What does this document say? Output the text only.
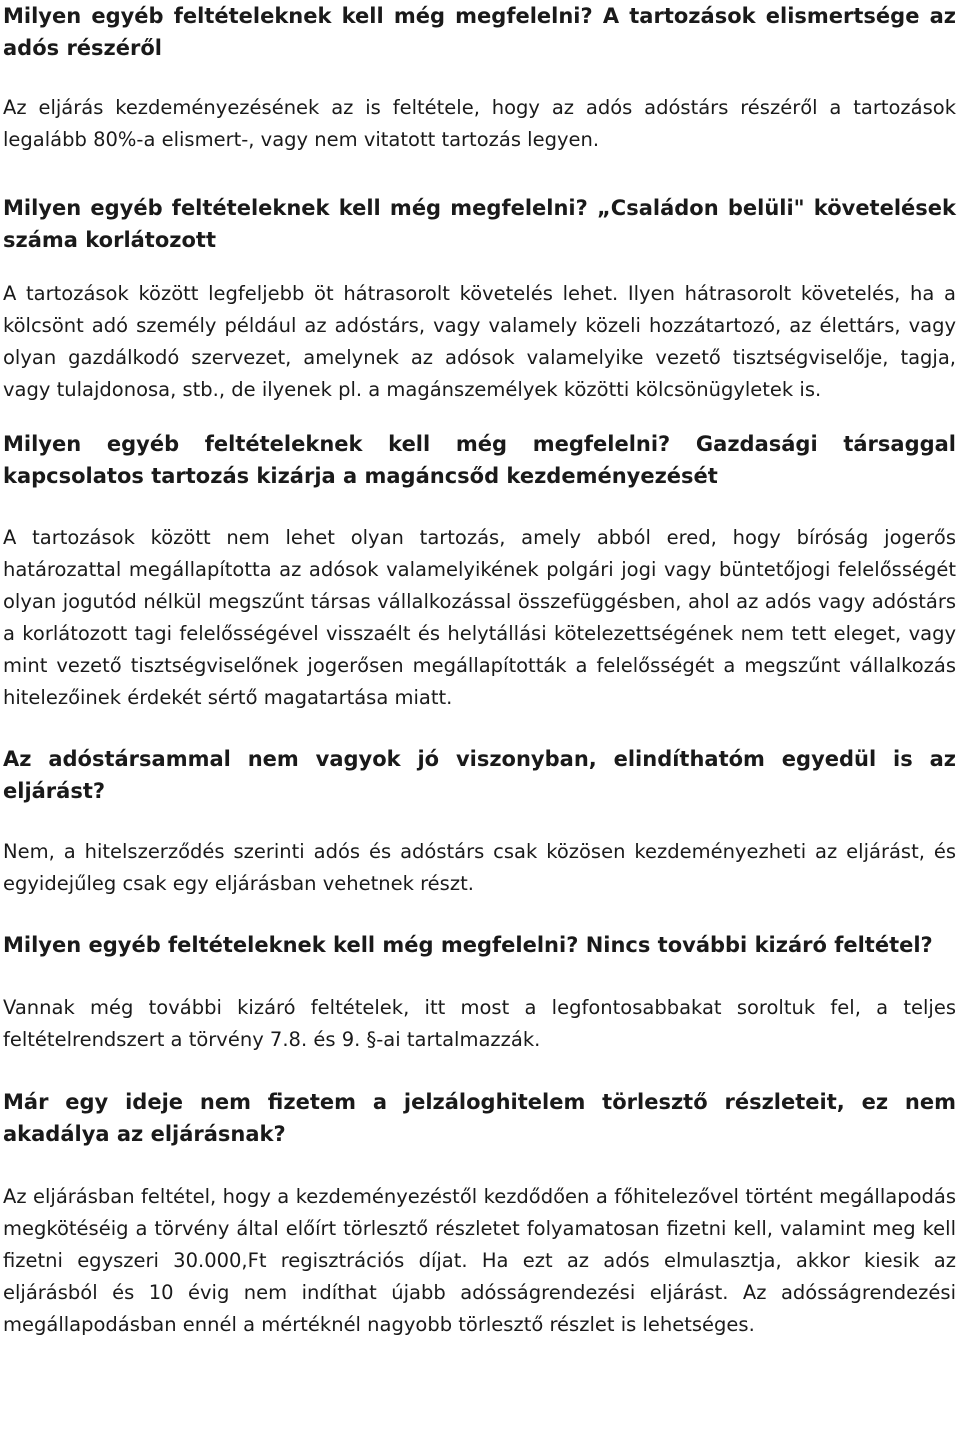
Milyen egyéb feltételeknek kell még megfelelni? A tartozások elismertsége az adós részéről

Az eljárás kezdeményezésének az is feltétele, hogy az adós adóstárs részéről a tartozások legalább 80%-a elismert-, vagy nem vitatott tartozás legyen.

Milyen egyéb feltételeknek kell még megfelelni? „Családon belüli" követelések száma korlátozott

A tartozások között legfeljebb öt hátrasorolt követelés lehet. Ilyen hátrasorolt követelés, ha a kölcsönt adó személy például az adóstárs, vagy valamely közeli hozzátartozó, az élettárs, vagy olyan gazdálkodó szervezet, amelynek az adósok valamelyike vezető tisztségviselője, tagja, vagy tulajdonosa, stb., de ilyenek pl. a magánszemélyek közötti kölcsönügyletek is.

Milyen egyéb feltételeknek kell még megfelelni? Gazdasági társaggal kapcsolatos tartozás kizárja a magáncsőd kezdeményezését

A tartozások között nem lehet olyan tartozás, amely abból ered, hogy bíróság jogerős határozattal megállapította az adósok valamelyikének polgári jogi vagy büntetőjogi felelősségét olyan jogutód nélkül megszűnt társas vállalkozással összefüggésben, ahol az adós vagy adóstárs a korlátozott tagi felelősségével visszaélt és helytállási kötelezettségének nem tett eleget, vagy mint vezető tisztségviselőnek jogerősen megállapították a felelősségét a megszűnt vállalkozás hitelezőinek érdekét sértő magatartása miatt.

Az adóstársammal nem vagyok jó viszonyban, elindíthatóm egyedül is az eljárást?

Nem, a hitelszerződés szerinti adós és adóstárs csak közösen kezdeményezheti az eljárást, és egyidejűleg csak egy eljárásban vehetnek részt.

Milyen egyéb feltételeknek kell még megfelelni? Nincs további kizáró feltétel?

Vannak még további kizáró feltételek, itt most a legfontosabbakat soroltuk fel, a teljes feltételrendszert a törvény 7.8. és 9. §-ai tartalmazzák.

Már egy ideje nem fizetem a jelzáloghitelem törlesztő részleteit, ez nem akadálya az eljárásnak?

Az eljárásban feltétel, hogy a kezdeményezéstől kezdődően a főhitelezővel történt megállapodás megkötéséig a törvény által előírt törlesztő részletet folyamatosan fizetni kell, valamint meg kell fizetni egyszeri 30.000,Ft regisztrációs díjat. Ha ezt az adós elmulasztja, akkor kiesik az eljárásból és 10 évig nem indíthat újabb adósságrendezési eljárást. Az adósságrendezési megállapodásban ennél a mértéknél nagyobb törlesztő részlet is lehetséges.
